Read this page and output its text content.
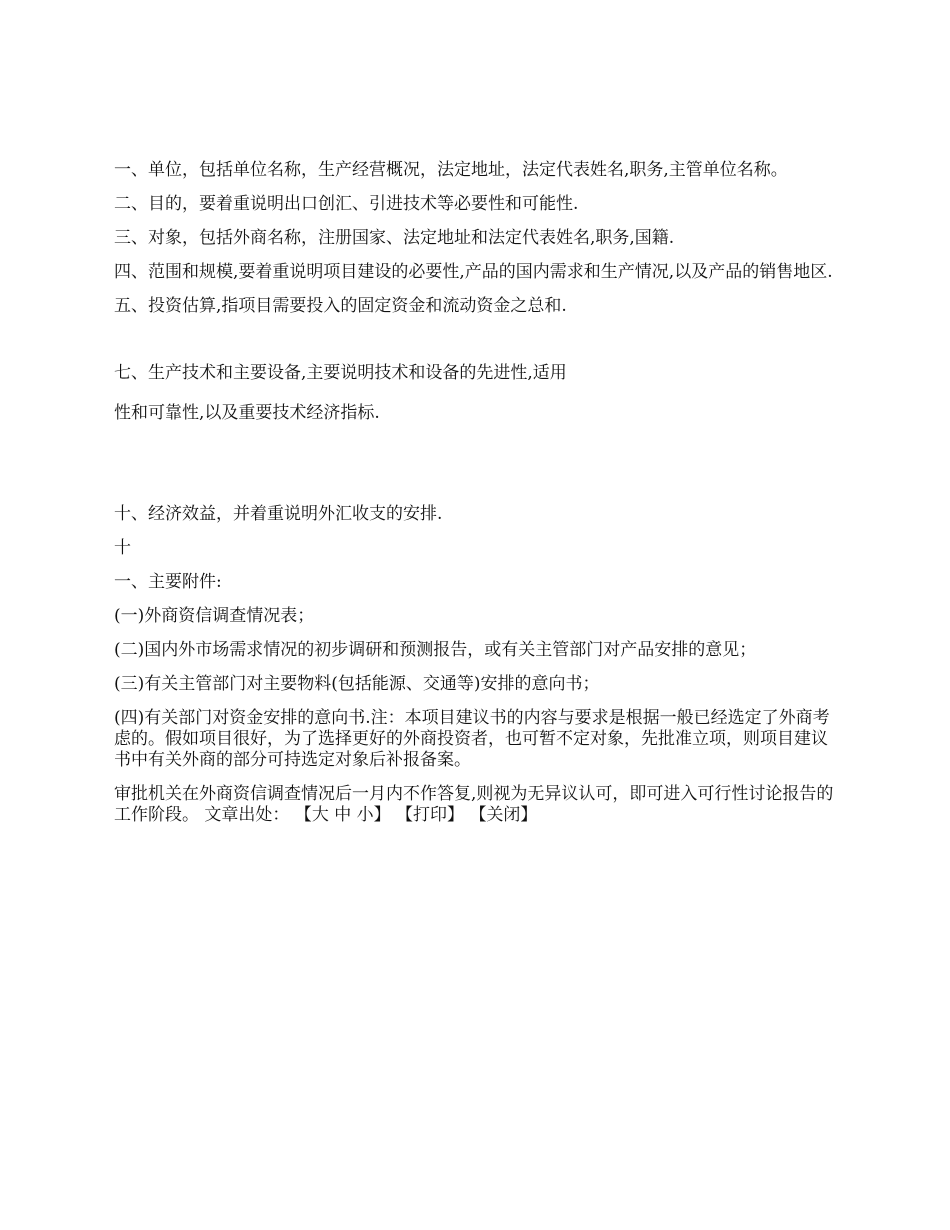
一、单位，包括单位名称，生产经营概况，法定地址，法定代表姓名,职务,主管单位名称。

二、目的，要着重说明出口创汇、引进技术等必要性和可能性.

三、对象，包括外商名称，注册国家、法定地址和法定代表姓名,职务,国籍.

四、范围和规模,要着重说明项目建设的必要性,产品的国内需求和生产情况,以及产品的销售地区.

五、投资估算,指项目需要投入的固定资金和流动资金之总和.

七、生产技术和主要设备,主要说明技术和设备的先进性,适用

性和可靠性,以及重要技术经济指标.

十、经济效益，并着重说明外汇收支的安排.

十

一、主要附件:

(一)外商资信调查情况表；

(二)国内外市场需求情况的初步调研和预测报告，或有关主管部门对产品安排的意见；

(三)有关主管部门对主要物料(包括能源、交通等)安排的意向书；

(四)有关部门对资金安排的意向书.注：本项目建议书的内容与要求是根据一般已经选定了外商考虑的。假如项目很好，为了选择更好的外商投资者，也可暂不定对象，先批准立项，则项目建议书中有关外商的部分可持选定对象后补报备案。

审批机关在外商资信调查情况后一月内不作答复,则视为无异议认可，即可进入可行性讨论报告的工作阶段。 文章出处： 【大 中 小】 【打印】 【关闭】
